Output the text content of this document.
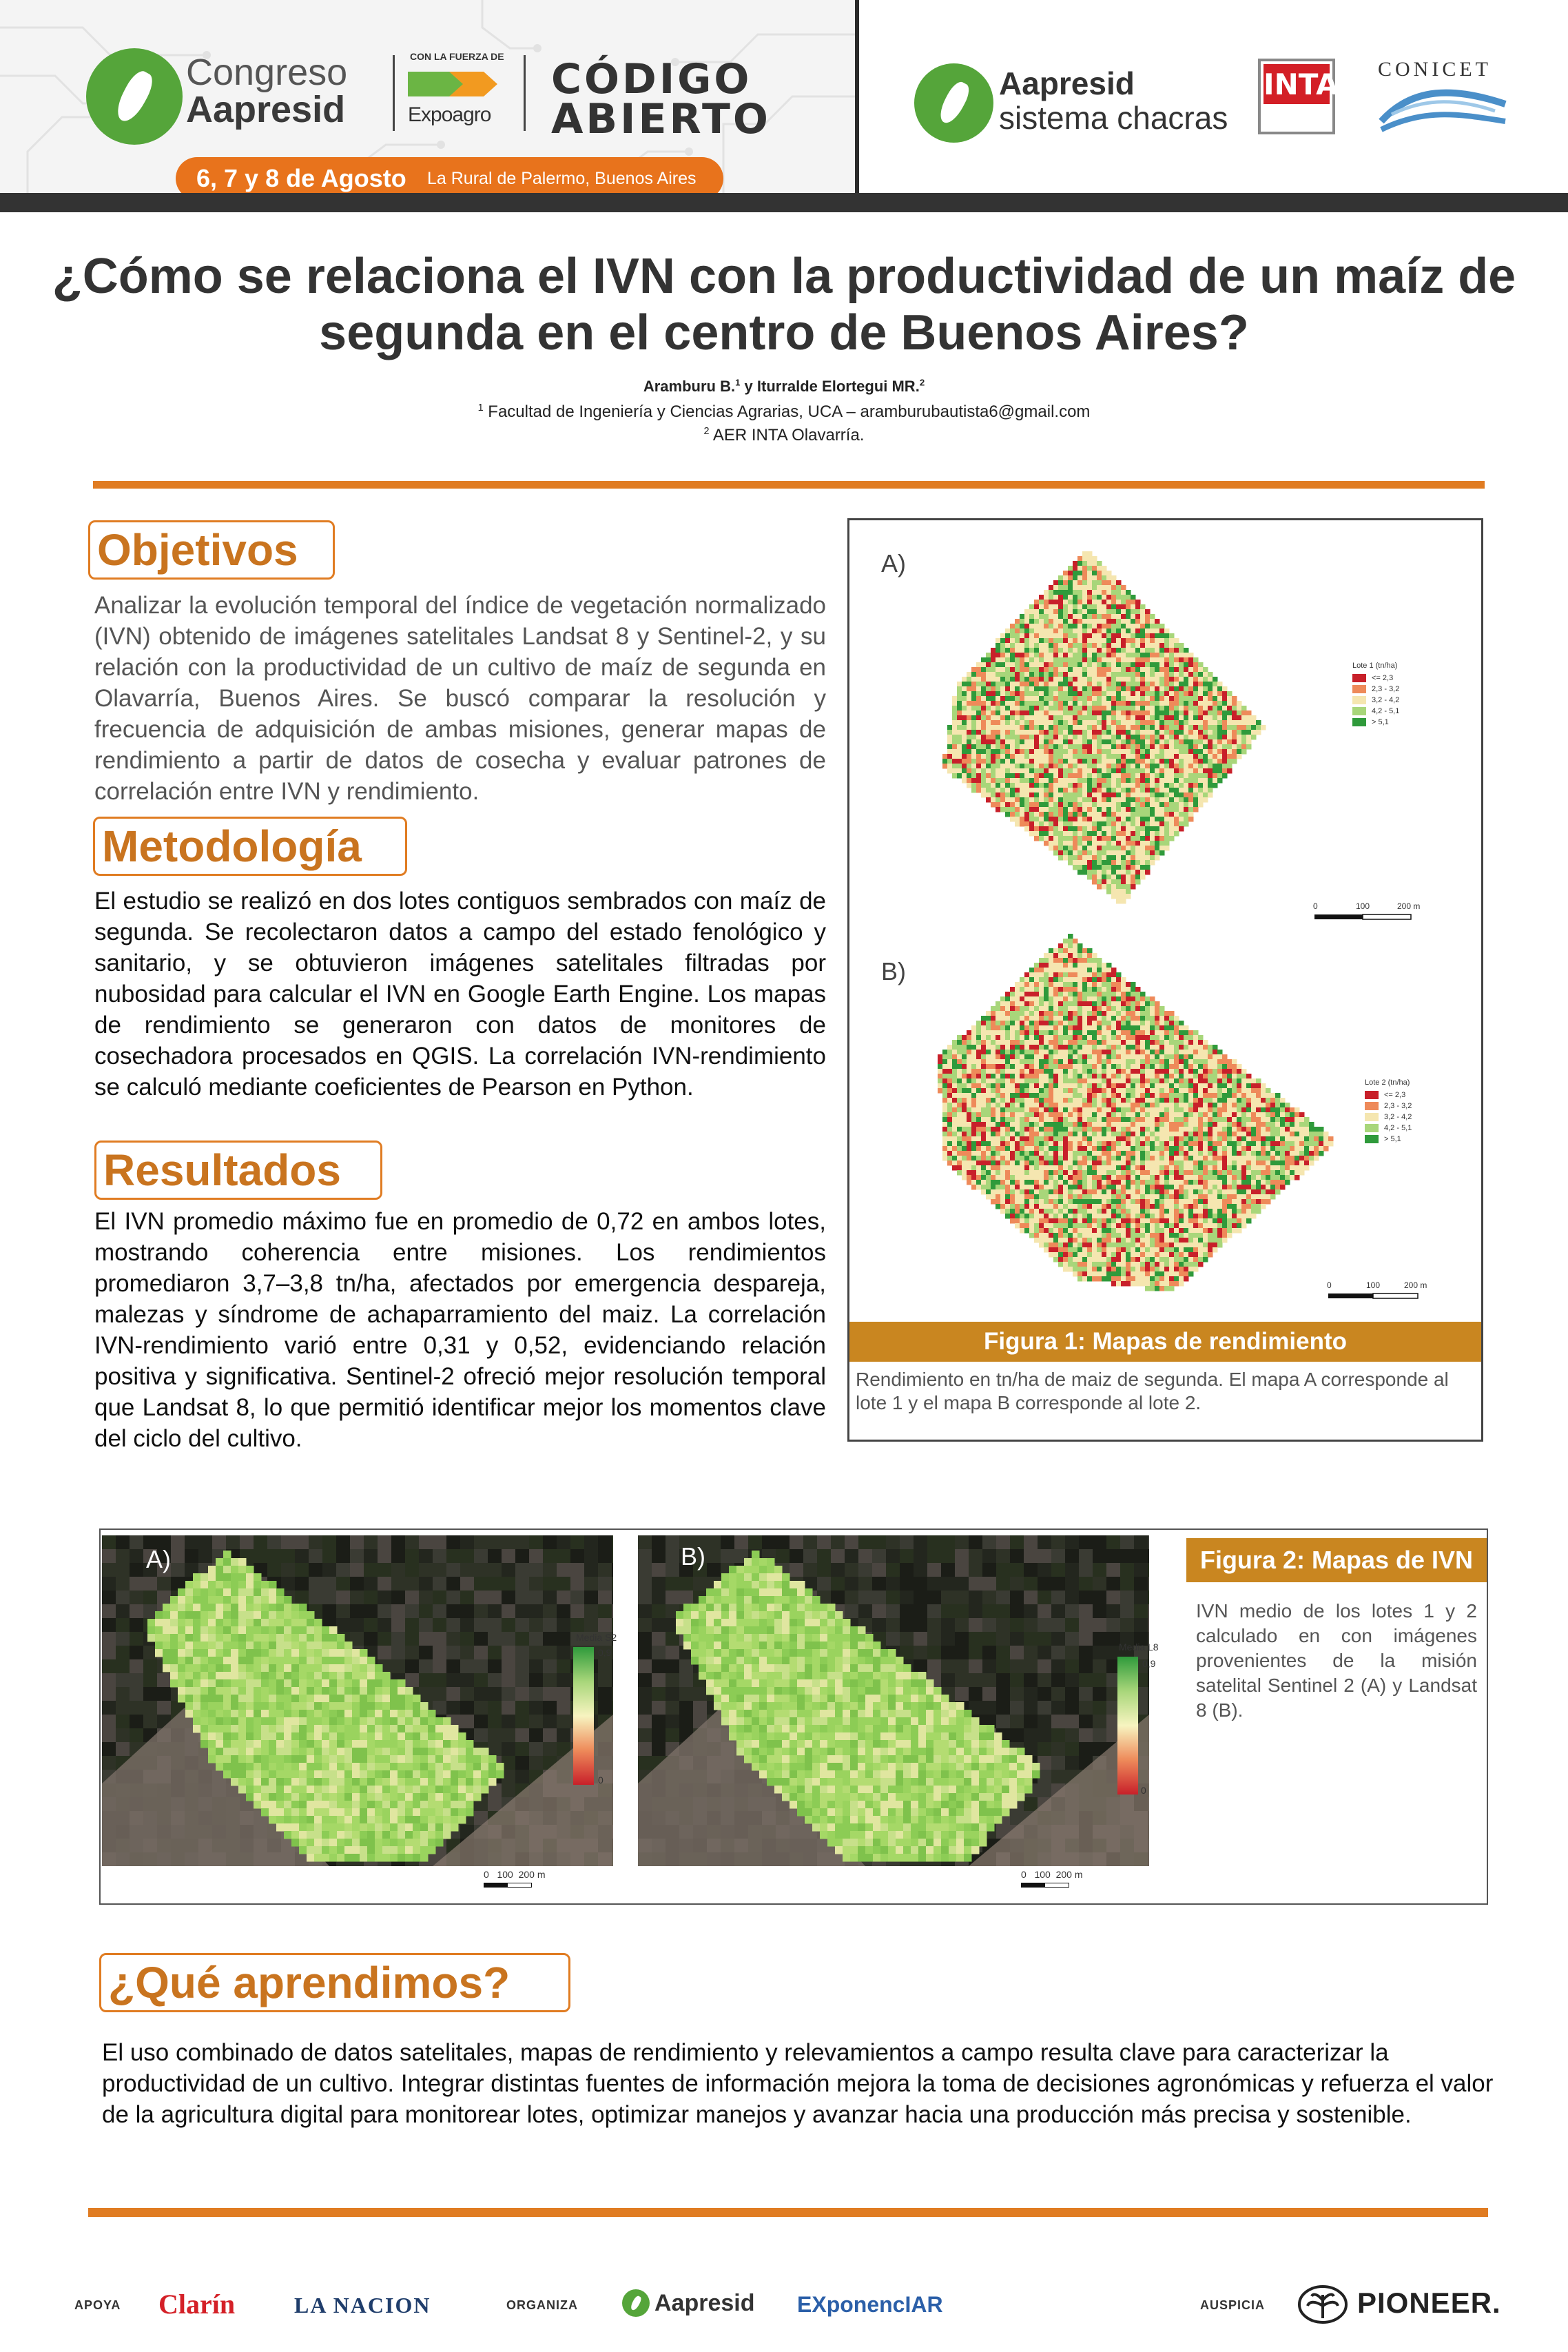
Congreso
Aapresid
CON LA FUERZA DE
Expoagro
CÓDIGO
ABIERTO
6, 7 y 8 de Agosto La Rural de Palermo, Buenos Aires
INTA
Aapresid
sistema chacras
CONICET
¿Cómo se relaciona el IVN con la productividad de un maíz de segunda en el centro de Buenos Aires?
Aramburu B.$^1$ y Iturralde Elortegui MR.$^2$
$^1$ Facultad de Ingeniería y Ciencias Agrarias, UCA – aramburubautista6@gmail.com
$^2$ AER INTA Olavarría.
Objetivos
Analizar la evolución temporal del índice de vegetación normalizado (IVN) obtenido de imágenes satelitales Landsat 8 y Sentinel-2, y su relación con la productividad de un cultivo de maíz de segunda en Olavarría, Buenos Aires. Se buscó comparar la resolución y frecuencia de adquisición de ambas misiones, generar mapas de rendimiento a partir de datos de cosecha y evaluar patrones de correlación entre IVN y rendimiento.
Metodología
El estudio se realizó en dos lotes contiguos sembrados con maíz de segunda. Se recolectaron datos a campo del estado fenológico y sanitario, y se obtuvieron imágenes satelitales filtradas por nubosidad para calcular el IVN en Google Earth Engine. Los mapas de rendimiento se generaron con datos de monitores de cosechadora procesados en QGIS. La correlación IVN-rendimiento se calculó mediante coeficientes de Pearson en Python.
Resultados
El IVN promedio máximo fue en promedio de 0,72 en ambos lotes, mostrando coherencia entre misiones. Los rendimientos promediaron 3,7–3,8 tn/ha, afectados por emergencia despareja, malezas y síndrome de achaparramiento del maiz. La correlación IVN-rendimiento varió entre 0,31 y 0,52, evidenciando relación positiva y significativa. Sentinel-2 ofreció mejor resolución temporal que Landsat 8, lo que permitió identificar mejor los momentos clave del ciclo del cultivo.
A)
Lote 1 (tn/ha)
<= 2,3
2,3 - 3,2
3,2 - 4,2
4,2 - 5,1
> 5,1
0	100	200 m
B)
Lote 2 (tn/ha)
<= 2,3
2,3 - 3,2
3,2 - 4,2
4,2 - 5,1
> 5,1
0	100	200 m
Figura 1: Mapas de rendimiento
Rendimiento en tn/ha de maiz de segunda. El mapa A corresponde al lote 1 y el mapa B corresponde al lote 2.
A)
Media S2
0,9
0
0   100  200 m
B)
Media L8
0,9
0
0   100  200 m
Figura 2: Mapas de IVN
IVN medio de los lotes 1 y 2 calculado en con imágenes provenientes de la misión satelital Sentinel 2 (A) y Landsat 8 (B).
¿Qué aprendimos?
El uso combinado de datos satelitales, mapas de rendimiento y relevamientos a campo resulta clave para caracterizar la productividad de un cultivo. Integrar distintas fuentes de información mejora la toma de decisiones agronómicas y refuerza el valor de la agricultura digital para monitorear lotes, optimizar manejos y avanzar hacia una producción más precisa y sostenible.
APOYA Clarín	LA NACION	ORGANIZA	Aapresid EXponencIAR	AUSPICIA	PIONEER.
